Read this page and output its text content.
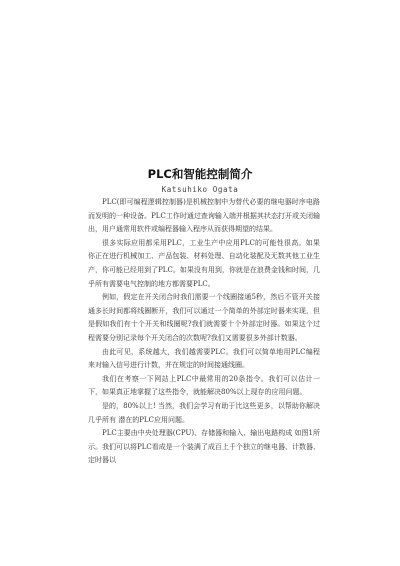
PLC和智能控制简介
Katsuhiko Ogata

PLC(即可编程逻辑控制器)是机械控制中为替代必要的继电器时序电路而发明的一种设备。PLC工作时通过查询输入端并根据其状态打开或关闭输出，用户通常用软件或编程器输入程序从而获得期望的结果。

很多实际应用都采用PLC，工业生产中应用PLC的可能性很高。如果你正在进行机械加工、产品包装、材料处理、自动化装配及无数其他工业生产，你可能已经用到了PLC。如果没有用到，你就是在浪费金钱和时间，几乎所有需要电气控制的地方都需要PLC。

例如，假定在开关闭合时我们需要一个线圈接通5秒，然后不管开关接通多长时间都将线圈断开，我们可以通过一个简单的外部定时器来实现，但是假如我们有十个开关和线圈呢?我们就需要十个外部定时器。如果这个过程需要分别记录每个开关闭合的次数呢?我们又需要很多外部计数器。

由此可见，系统越大，我们越需要PLC。我们可以简单地用PLC编程来对输入信号进行计数，并在规定的时间接通线圈。

我们在考察一下网站上PLC中最常用的20条指令。我们可以估计一下，如果真正地掌握了这些指令，就能解决80%以上现存的应用问题。

是的，80%以上! 当然，我们会学习有助于比这些更多，以帮助你解决几乎所有 潜在的PLC应用问题。

PLC主要由中央处理器(CPU)、存储器和输入、输出电路构成 如图1所示。我们可以将PLC看成是一个装满了成百上千个独立的继电器、计数器、定时器以
